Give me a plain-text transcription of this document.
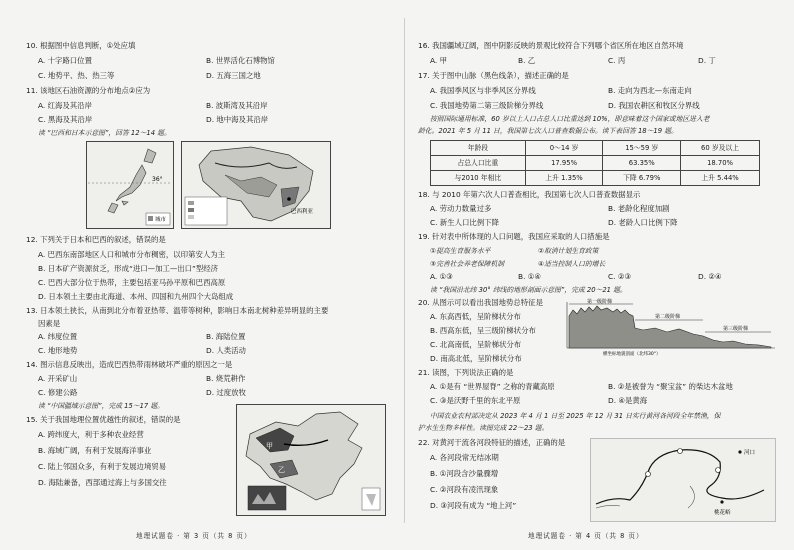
10. 根据图中信息判断，①处应填
A. 十字路口位置	B. 世界活化石博物馆
C. 地势平、热、热三等	D. 五海三国之地
11. 该地区石油资源的分布地点②应为
A. 红海及其沿岸	B. 波斯湾及其沿岸
C. 黑海及其沿岸	D. 地中海及其沿岸
读 “巴西和日本示意图”，回答 12～14 题。
36°
城市
巴西利亚
12. 下列关于日本和巴西的叙述，错误的是
A. 巴西东南部地区人口和城市分布稠密，以印第安人为主
B. 日本矿产资源贫乏，形成“进口—加工—出口”型经济
C. 巴西大部分位于热带，主要包括亚马孙平原和巴西高原
D. 日本领土主要由北海道、本州、四国和九州四个大岛组成
13. 日本领土狭长，从南到北分布着亚热带、温带等树种，影响日本南北树种差异明显的主要
因素是
A. 纬度位置	B. 海陆位置
C. 地形地势	D. 人类活动
14. 图示信息反映出，造成巴西热带雨林破坏严重的原因之一是
A. 开采矿山	B. 烧荒耕作
C. 修建公路	D. 过度放牧
读 “中国疆域示意图”，完成 15～17 题。
15. 关于我国地理位置优越性的叙述，错误的是
A. 跨纬度大，利于多种农业经营
B. 海域广阔，有利于发展海洋事业
C. 陆上邻国众多，有利于发展边境贸易
D. 海陆兼备，西部通过海上与多国交往
甲
乙
地理试题卷 · 第 3 页（共 8 页）
16. 我国疆域辽阔，图中阴影反映的景观比较符合下列哪个省区所在地区自然环境
A. 甲	B. 乙	C. 丙	D. 丁
17. 关于图中山脉（黑色线条），描述正确的是
A. 我国季风区与非季风区分界线	B. 走向为西北—东南走向
C. 我国地势第二第三级阶梯分界线	D. 我国农耕区和牧区分界线
按照国际通用标准，60 岁以上人口占总人口比重达到 10%，即意味着这个国家或地区进入老
龄化。2021 年 5 月 11 日，我国第七次人口普查数据公布。读下表回答 18～19 题。
年龄段	0～14 岁	15～59 岁	60 岁及以上
占总人口比重	17.95%	63.35%	18.70%
与2010 年相比	上升 1.35%	下降 6.79%	上升 5.44%
18. 与 2010 年第六次人口普查相比，我国第七次人口普查数据显示
A. 劳动力数量过多	B. 老龄化程度加剧
C. 新生人口比例下降	D. 老龄人口比例下降
19. 针对表中所体现的人口问题，我国应采取的人口措施是
①提高生育服务水平	②取消计划生育政策
③完善社会养老保障机制	④适当控制人口的增长
A. ①③	B. ①④	C. ②③	D. ②④
读 “我国沿北纬 30° 纬线的地形剖面示意图”，完成 20～21 题。
20. 从图示可以看出我国地势总特征是
A. 东高西低，呈阶梯状分布
B. 西高东低，呈三级阶梯状分布
C. 北高南低，呈阶梯状分布
D. 南高北低，呈阶梯状分布
第一级阶梯
第二级阶梯
第三级阶梯
横坐标地貌剖面（北纬30°）
21. 读图，下列说法正确的是
A. ①是有 “世界屋脊” 之称的青藏高原	B. ②是被誉为 “聚宝盆” 的柴达木盆地
C. ③是沃野千里的东北平原	D. ④是黄海
中国农业农村部决定从 2023 年 4 月 1 日至 2025 年 12 月 31 日实行黄河各河段全年禁渔，保
护水生生物多样性。读图完成 22～23 题。
22. 对黄河干流各河段特征的描述，正确的是
A. 各河段常无结冰期
B. ①河段含沙量骤增
C. ②河段有凌汛现象
D. ③河段有成为 “地上河”
河口
桃花峪
地理试题卷 · 第 4 页（共 8 页）
